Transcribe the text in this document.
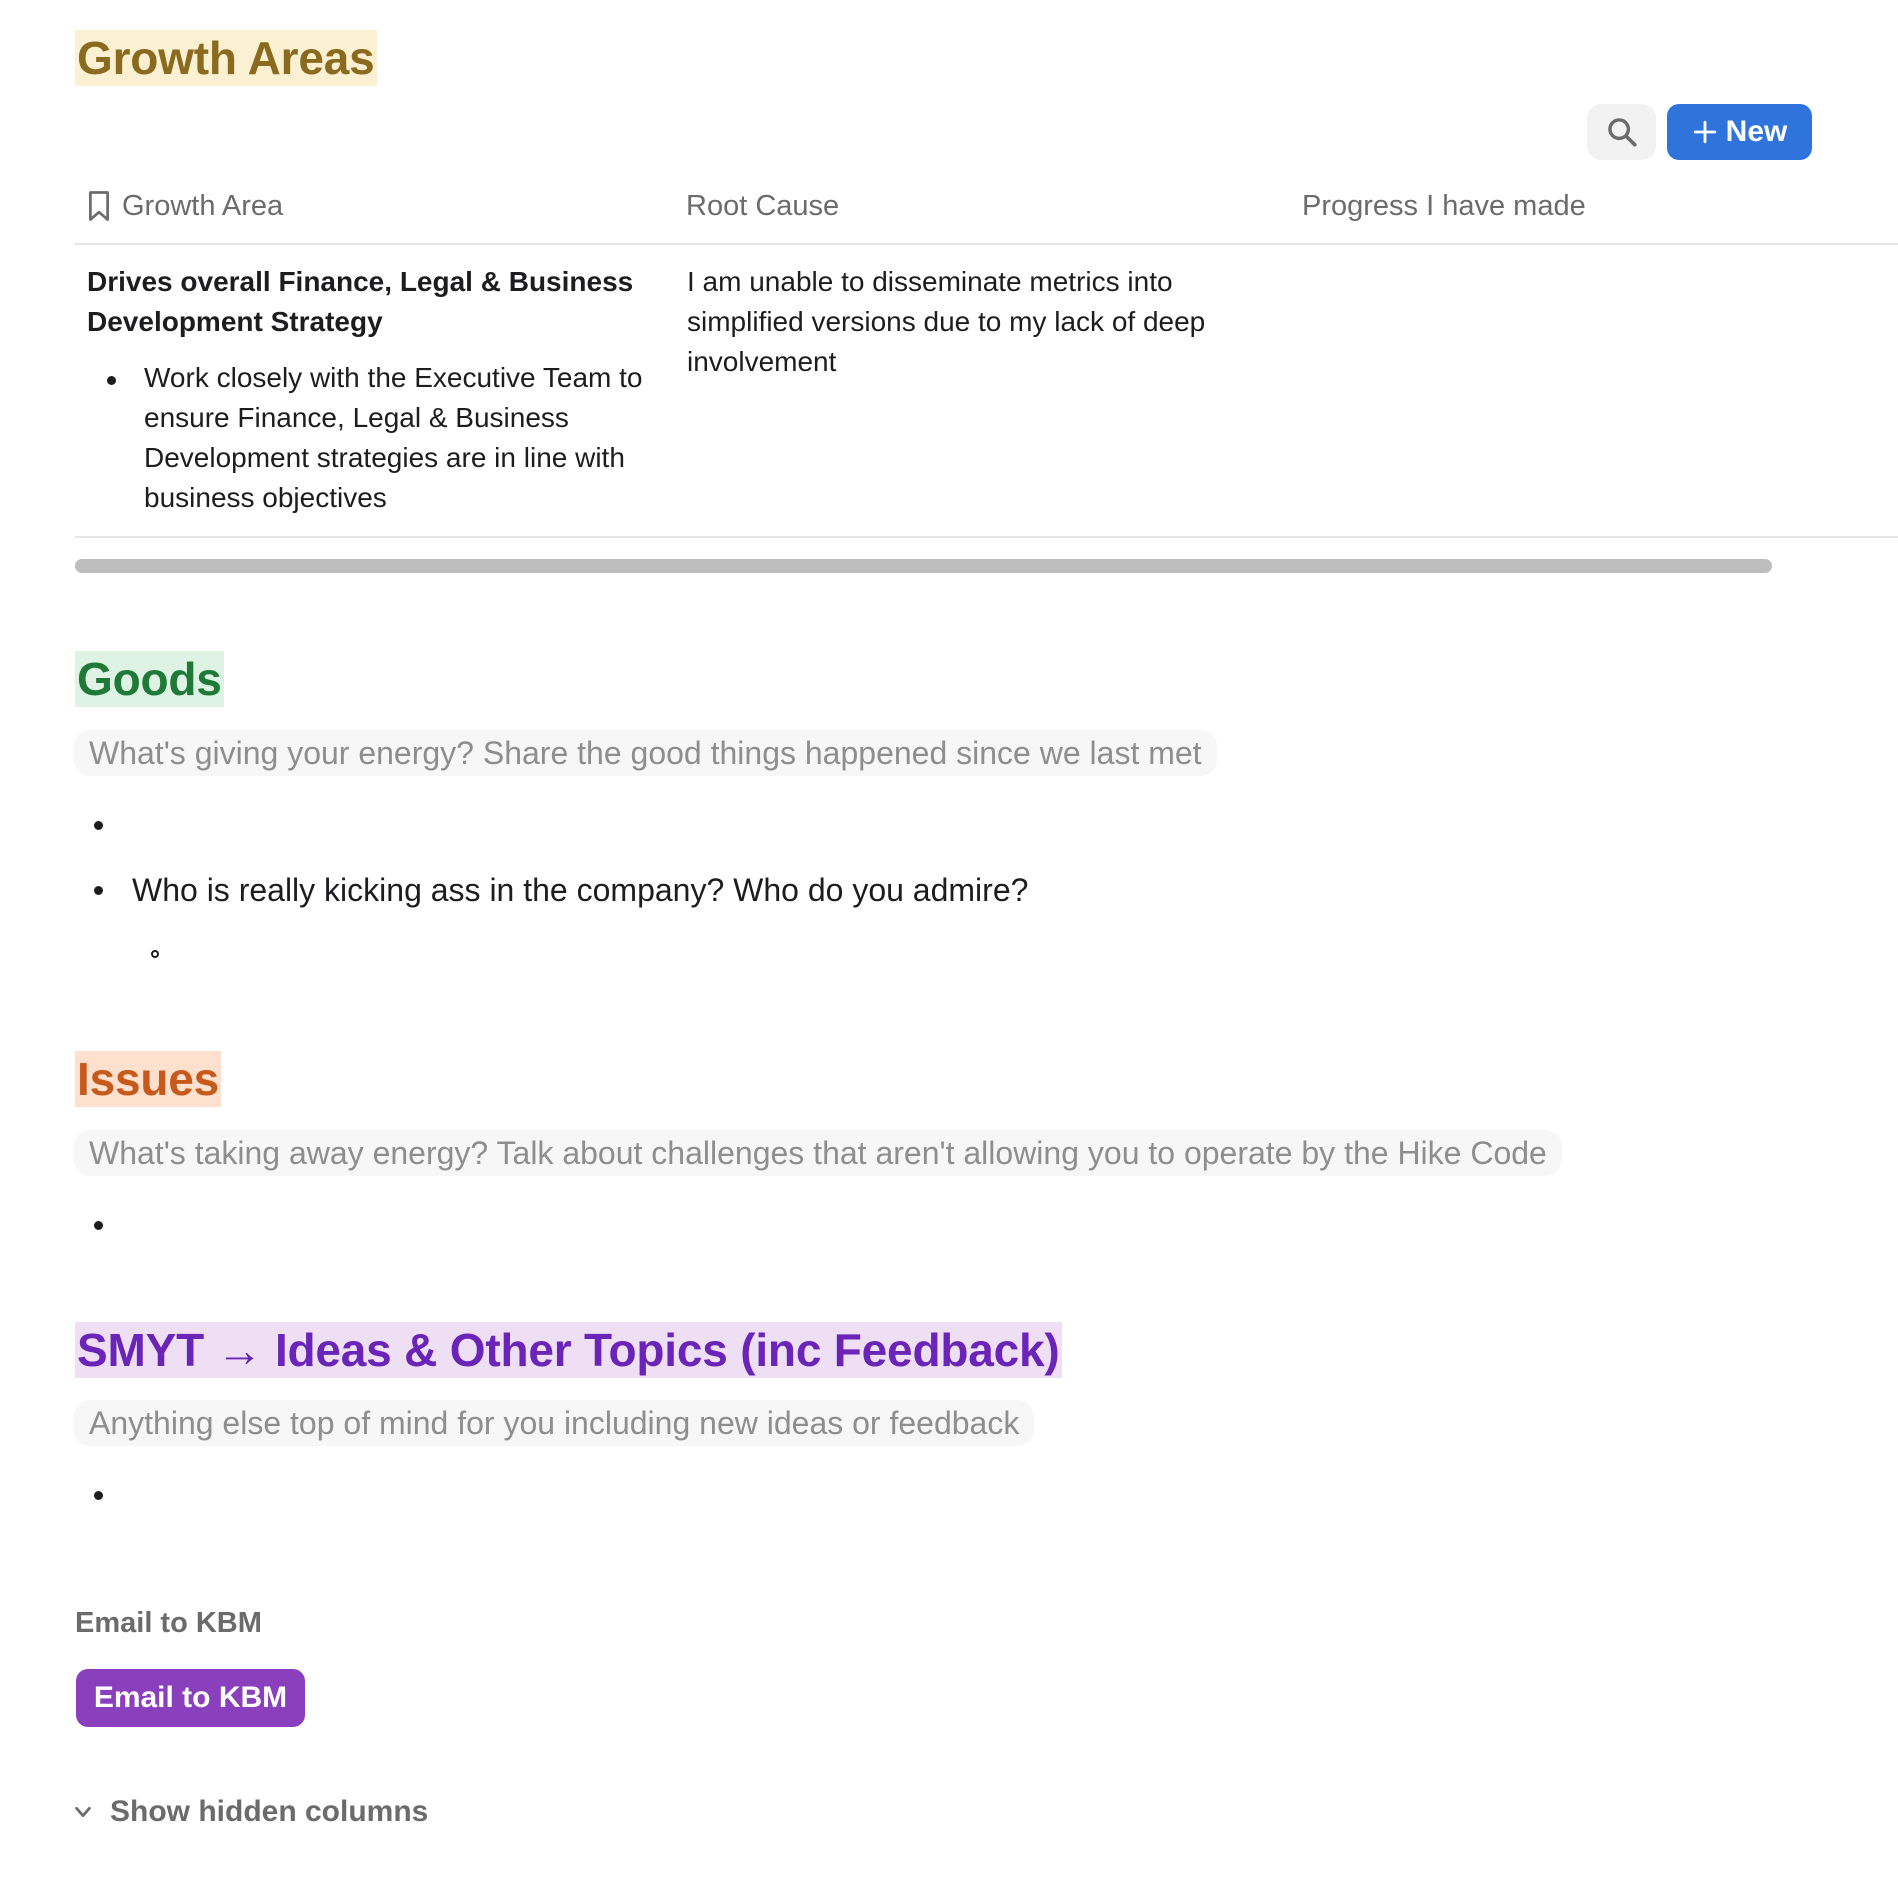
Growth Areas
New
Growth Area	Root Cause	Progress I have made
Drives overall Finance, Legal & Business Development Strategy
Work closely with the Executive Team to ensure Finance, Legal & Business Development strategies are in line with business objectives
I am unable to disseminate metrics into simplified versions due to my lack of deep involvement
Goods
What's giving your energy? Share the good things happened since we last met
Who is really kicking ass in the company? Who do you admire?
Issues
What's taking away energy? Talk about challenges that aren't allowing you to operate by the Hike Code
SMYT → Ideas & Other Topics (inc Feedback)
Anything else top of mind for you including new ideas or feedback
Email to KBM
Email to KBM
Show hidden columns
